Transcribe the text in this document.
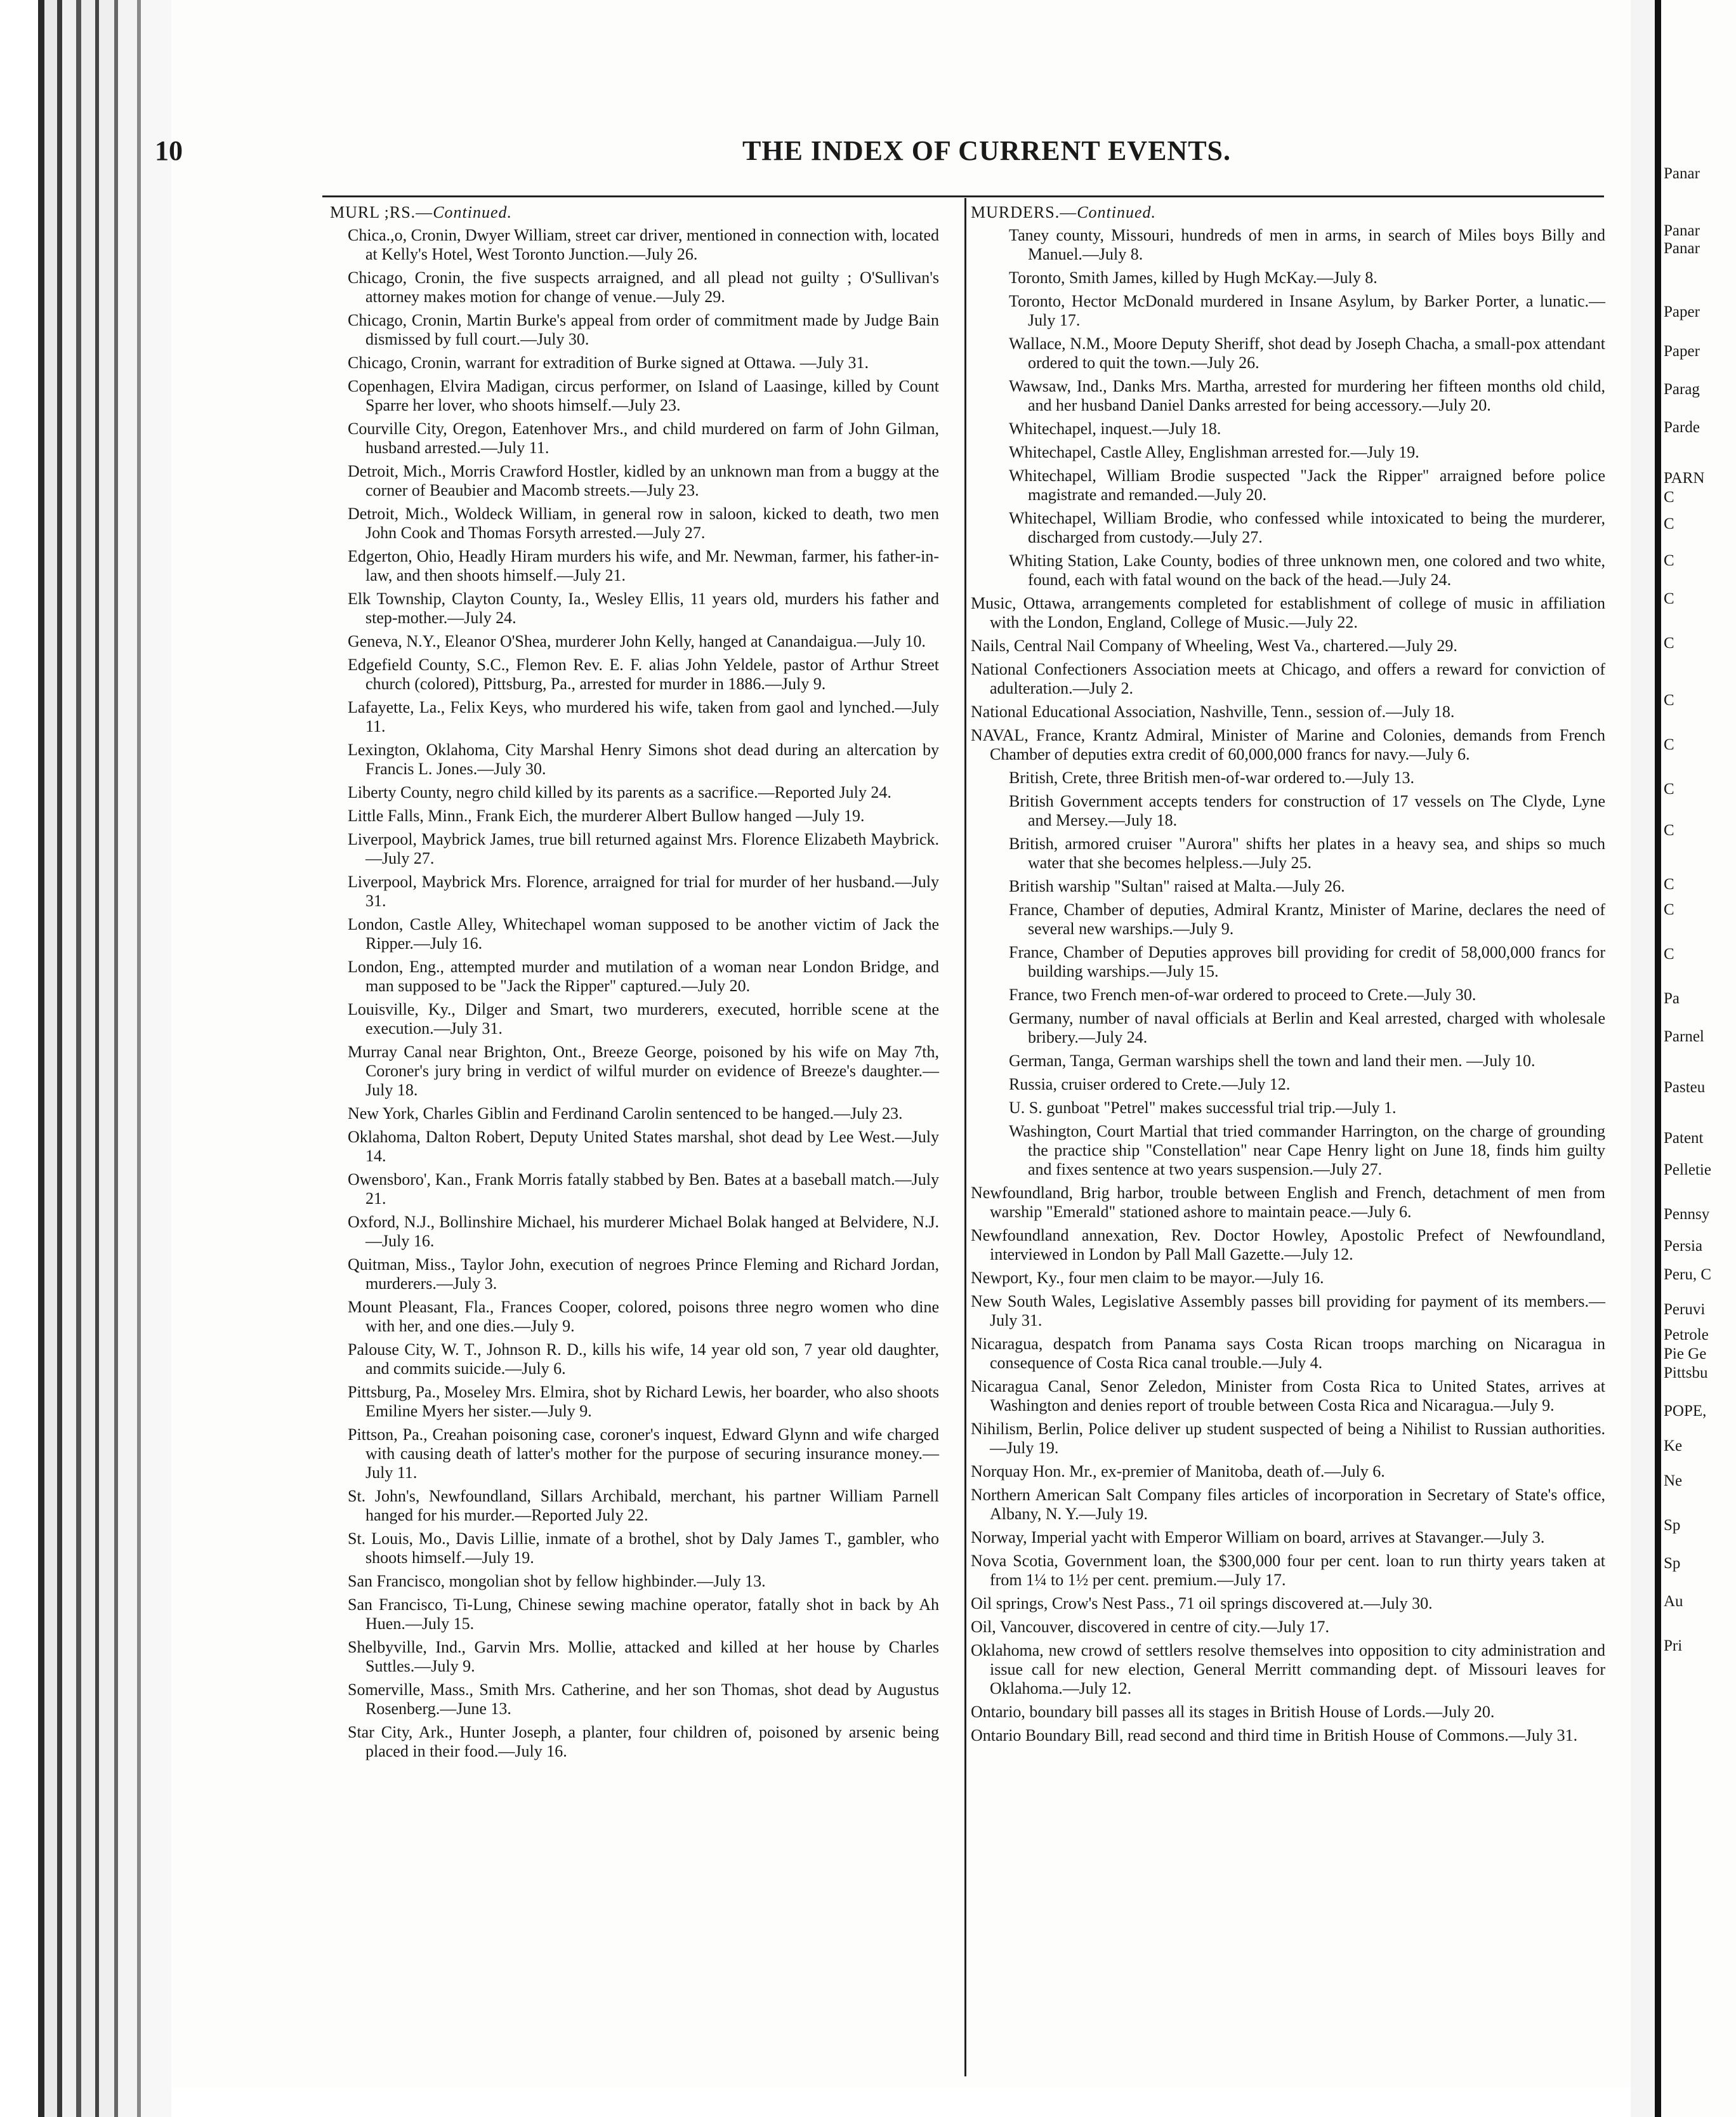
10	THE INDEX OF CURRENT EVENTS.
MURL ;RS.—Continued.
Chica.,o, Cronin, Dwyer William, street car driver, mentioned in connection with, located at Kelly's Hotel, West Toronto Junction.—July 26.
Chicago, Cronin, the five suspects arraigned, and all plead not guilty ; O'Sullivan's attorney makes motion for change of venue.—July 29.
Chicago, Cronin, Martin Burke's appeal from order of commitment made by Judge Bain dismissed by full court.—July 30.
Chicago, Cronin, warrant for extradition of Burke signed at Ottawa. —July 31.
Copenhagen, Elvira Madigan, circus performer, on Island of Laasinge, killed by Count Sparre her lover, who shoots himself.—July 23.
Courville City, Oregon, Eatenhover Mrs., and child murdered on farm of John Gilman, husband arrested.—July 11.
Detroit, Mich., Morris Crawford Hostler, kidled by an unknown man from a buggy at the corner of Beaubier and Macomb streets.—July 23.
Detroit, Mich., Woldeck William, in general row in saloon, kicked to death, two men John Cook and Thomas Forsyth arrested.—July 27.
Edgerton, Ohio, Headly Hiram murders his wife, and Mr. Newman, farmer, his father-in-law, and then shoots himself.—July 21.
Elk Township, Clayton County, Ia., Wesley Ellis, 11 years old, murders his father and step-mother.—July 24.
Geneva, N.Y., Eleanor O'Shea, murderer John Kelly, hanged at Canandaigua.—July 10.
Edgefield County, S.C., Flemon Rev. E. F. alias John Yeldele, pastor of Arthur Street church (colored), Pittsburg, Pa., arrested for murder in 1886.—July 9.
Lafayette, La., Felix Keys, who murdered his wife, taken from gaol and lynched.—July 11.
Lexington, Oklahoma, City Marshal Henry Simons shot dead during an altercation by Francis L. Jones.—July 30.
Liberty County, negro child killed by its parents as a sacrifice.—Reported July 24.
Little Falls, Minn., Frank Eich, the murderer Albert Bullow hanged —July 19.
Liverpool, Maybrick James, true bill returned against Mrs. Florence Elizabeth Maybrick.—July 27.
Liverpool, Maybrick Mrs. Florence, arraigned for trial for murder of her husband.—July 31.
London, Castle Alley, Whitechapel woman supposed to be another victim of Jack the Ripper.—July 16.
London, Eng., attempted murder and mutilation of a woman near London Bridge, and man supposed to be "Jack the Ripper" captured.—July 20.
Louisville, Ky., Dilger and Smart, two murderers, executed, horrible scene at the execution.—July 31.
Murray Canal near Brighton, Ont., Breeze George, poisoned by his wife on May 7th, Coroner's jury bring in verdict of wilful murder on evidence of Breeze's daughter.—July 18.
New York, Charles Giblin and Ferdinand Carolin sentenced to be hanged.—July 23.
Oklahoma, Dalton Robert, Deputy United States marshal, shot dead by Lee West.—July 14.
Owensboro', Kan., Frank Morris fatally stabbed by Ben. Bates at a baseball match.—July 21.
Oxford, N.J., Bollinshire Michael, his murderer Michael Bolak hanged at Belvidere, N.J.—July 16.
Quitman, Miss., Taylor John, execution of negroes Prince Fleming and Richard Jordan, murderers.—July 3.
Mount Pleasant, Fla., Frances Cooper, colored, poisons three negro women who dine with her, and one dies.—July 9.
Palouse City, W. T., Johnson R. D., kills his wife, 14 year old son, 7 year old daughter, and commits suicide.—July 6.
Pittsburg, Pa., Moseley Mrs. Elmira, shot by Richard Lewis, her boarder, who also shoots Emiline Myers her sister.—July 9.
Pittson, Pa., Creahan poisoning case, coroner's inquest, Edward Glynn and wife charged with causing death of latter's mother for the purpose of securing insurance money.—July 11.
St. John's, Newfoundland, Sillars Archibald, merchant, his partner William Parnell hanged for his murder.—Reported July 22.
St. Louis, Mo., Davis Lillie, inmate of a brothel, shot by Daly James T., gambler, who shoots himself.—July 19.
San Francisco, mongolian shot by fellow highbinder.—July 13.
San Francisco, Ti-Lung, Chinese sewing machine operator, fatally shot in back by Ah Huen.—July 15.
Shelbyville, Ind., Garvin Mrs. Mollie, attacked and killed at her house by Charles Suttles.—July 9.
Somerville, Mass., Smith Mrs. Catherine, and her son Thomas, shot dead by Augustus Rosenberg.—June 13.
Star City, Ark., Hunter Joseph, a planter, four children of, poisoned by arsenic being placed in their food.—July 16.
MURDERS.—Continued.
Taney county, Missouri, hundreds of men in arms, in search of Miles boys Billy and Manuel.—July 8.
Toronto, Smith James, killed by Hugh McKay.—July 8.
Toronto, Hector McDonald murdered in Insane Asylum, by Barker Porter, a lunatic.—July 17.
Wallace, N.M., Moore Deputy Sheriff, shot dead by Joseph Chacha, a small-pox attendant ordered to quit the town.—July 26.
Wawsaw, Ind., Danks Mrs. Martha, arrested for murdering her fifteen months old child, and her husband Daniel Danks arrested for being accessory.—July 20.
Whitechapel, inquest.—July 18.
Whitechapel, Castle Alley, Englishman arrested for.—July 19.
Whitechapel, William Brodie suspected "Jack the Ripper" arraigned before police magistrate and remanded.—July 20.
Whitechapel, William Brodie, who confessed while intoxicated to being the murderer, discharged from custody.—July 27.
Whiting Station, Lake County, bodies of three unknown men, one colored and two white, found, each with fatal wound on the back of the head.—July 24.
Music, Ottawa, arrangements completed for establishment of college of music in affiliation with the London, England, College of Music.—July 22.
Nails, Central Nail Company of Wheeling, West Va., chartered.—July 29.
National Confectioners Association meets at Chicago, and offers a reward for conviction of adulteration.—July 2.
National Educational Association, Nashville, Tenn., session of.—July 18.
NAVAL, France, Krantz Admiral, Minister of Marine and Colonies, demands from French Chamber of deputies extra credit of 60,000,000 francs for navy.—July 6.
British, Crete, three British men-of-war ordered to.—July 13.
British Government accepts tenders for construction of 17 vessels on The Clyde, Lyne and Mersey.—July 18.
British, armored cruiser "Aurora" shifts her plates in a heavy sea, and ships so much water that she becomes helpless.—July 25.
British warship "Sultan" raised at Malta.—July 26.
France, Chamber of deputies, Admiral Krantz, Minister of Marine, declares the need of several new warships.—July 9.
France, Chamber of Deputies approves bill providing for credit of 58,000,000 francs for building warships.—July 15.
France, two French men-of-war ordered to proceed to Crete.—July 30.
Germany, number of naval officials at Berlin and Keal arrested, charged with wholesale bribery.—July 24.
German, Tanga, German warships shell the town and land their men. —July 10.
Russia, cruiser ordered to Crete.—July 12.
U. S. gunboat "Petrel" makes successful trial trip.—July 1.
Washington, Court Martial that tried commander Harrington, on the charge of grounding the practice ship "Constellation" near Cape Henry light on June 18, finds him guilty and fixes sentence at two years suspension.—July 27.
Newfoundland, Brig harbor, trouble between English and French, detachment of men from warship "Emerald" stationed ashore to maintain peace.—July 6.
Newfoundland annexation, Rev. Doctor Howley, Apostolic Prefect of Newfoundland, interviewed in London by Pall Mall Gazette.—July 12.
Newport, Ky., four men claim to be mayor.—July 16.
New South Wales, Legislative Assembly passes bill providing for payment of its members.—July 31.
Nicaragua, despatch from Panama says Costa Rican troops marching on Nicaragua in consequence of Costa Rica canal trouble.—July 4.
Nicaragua Canal, Senor Zeledon, Minister from Costa Rica to United States, arrives at Washington and denies report of trouble between Costa Rica and Nicaragua.—July 9.
Nihilism, Berlin, Police deliver up student suspected of being a Nihilist to Russian authorities.—July 19.
Norquay Hon. Mr., ex-premier of Manitoba, death of.—July 6.
Northern American Salt Company files articles of incorporation in Secretary of State's office, Albany, N. Y.—July 19.
Norway, Imperial yacht with Emperor William on board, arrives at Stavanger.—July 3.
Nova Scotia, Government loan, the $300,000 four per cent. loan to run thirty years taken at from 1¼ to 1½ per cent. premium.—July 17.
Oil springs, Crow's Nest Pass., 71 oil springs discovered at.—July 30.
Oil, Vancouver, discovered in centre of city.—July 17.
Oklahoma, new crowd of settlers resolve themselves into opposition to city administration and issue call for new election, General Merritt commanding dept. of Missouri leaves for Oklahoma.—July 12.
Ontario, boundary bill passes all its stages in British House of Lords.—July 20.
Ontario Boundary Bill, read second and third time in British House of Commons.—July 31.
Panar
Panar
Panar
Paper
Paper
Parag
Parde
PARN
C
C
C
C
C
C
C
C
C
C
C
C
Pa
Parnel
Pasteu
Patent
Pelletie
Pennsy
Persia
Peru, C
Peruvi
Petrole
Pie Ge
Pittsbu
POPE,
Ke
Ne
Sp
Sp
Au
Pri
